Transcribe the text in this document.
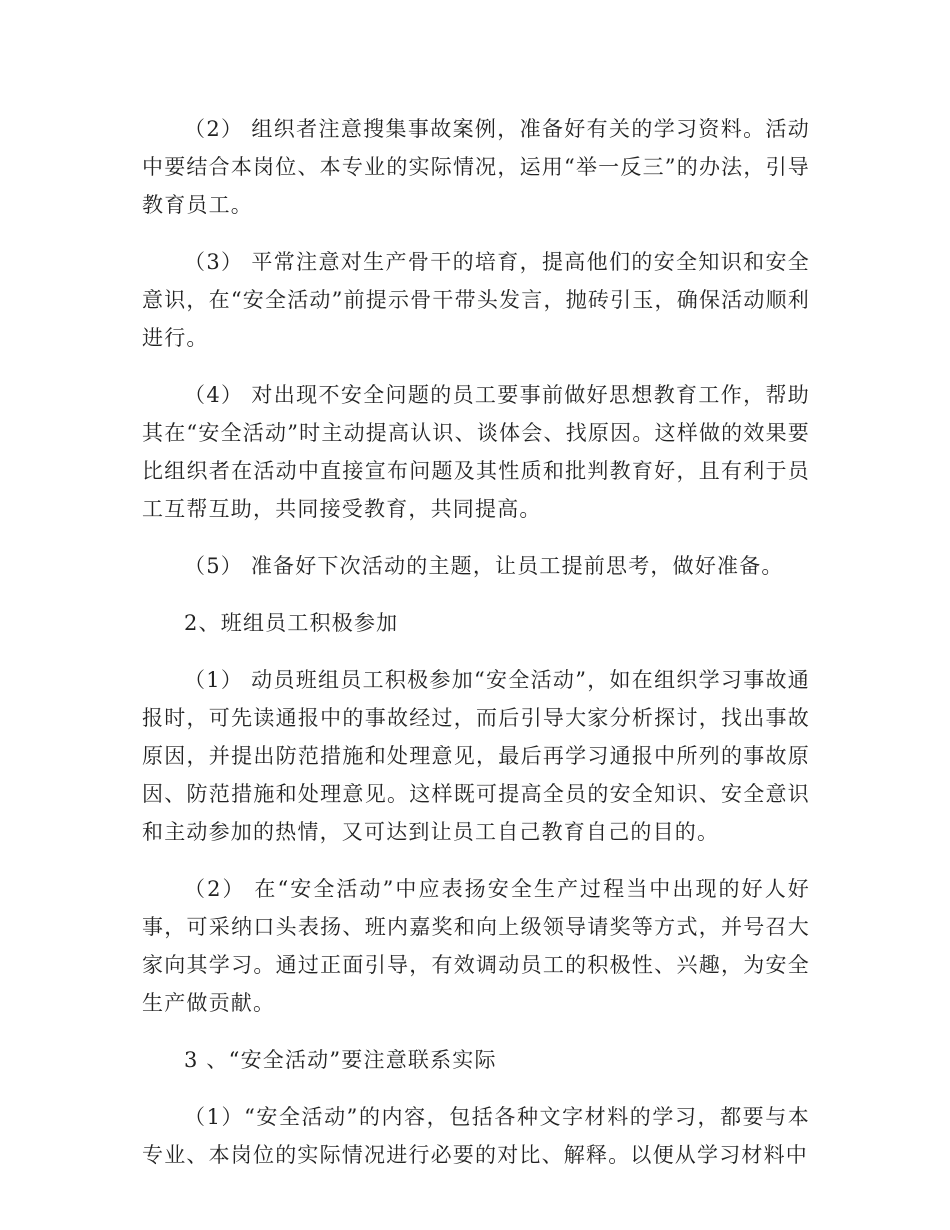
（2） 组织者注意搜集事故案例，准备好有关的学习资料。活动中要结合本岗位、本专业的实际情况，运用“举一反三”的办法，引导教育员工。

（3） 平常注意对生产骨干的培育，提高他们的安全知识和安全意识，在“安全活动”前提示骨干带头发言，抛砖引玉，确保活动顺利进行。

（4） 对出现不安全问题的员工要事前做好思想教育工作，帮助其在“安全活动”时主动提高认识、谈体会、找原因。这样做的效果要比组织者在活动中直接宣布问题及其性质和批判教育好，且有利于员工互帮互助，共同接受教育，共同提高。

（5） 准备好下次活动的主题，让员工提前思考，做好准备。

2、班组员工积极参加

（1） 动员班组员工积极参加“安全活动”，如在组织学习事故通报时，可先读通报中的事故经过，而后引导大家分析探讨，找出事故原因，并提出防范措施和处理意见，最后再学习通报中所列的事故原因、防范措施和处理意见。这样既可提高全员的安全知识、安全意识和主动参加的热情，又可达到让员工自己教育自己的目的。

（2） 在“安全活动”中应表扬安全生产过程当中出现的好人好事，可采纳口头表扬、班内嘉奖和向上级领导请奖等方式，并号召大家向其学习。通过正面引导，有效调动员工的积极性、兴趣，为安全生产做贡献。

3 、“安全活动”要注意联系实际

（1）“安全活动”的内容，包括各种文字材料的学习，都要与本专业、本岗位的实际情况进行必要的对比、解释。以便从学习材料中
